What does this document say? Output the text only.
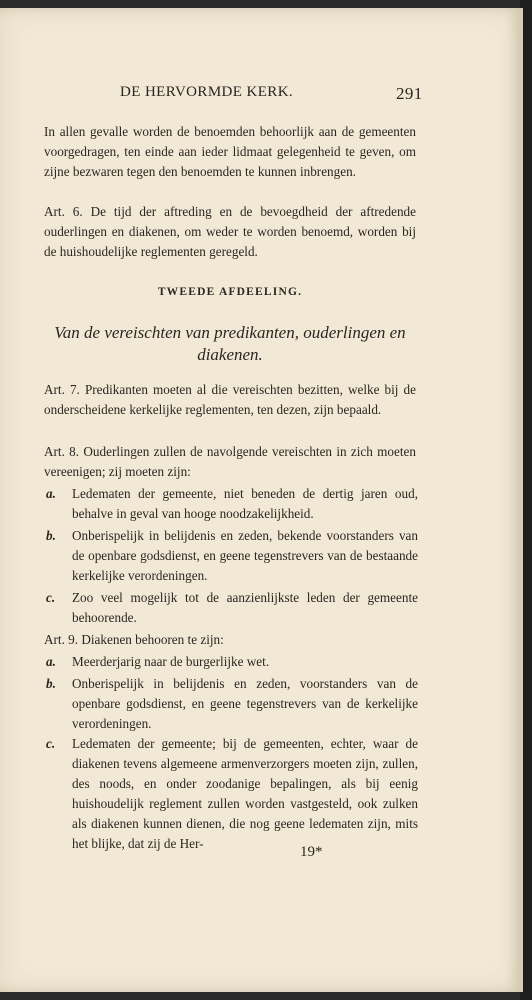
DE HERVORMDE KERK.	291

In allen gevalle worden de benoemden behoorlijk aan de gemeenten voorgedragen, ten einde aan ieder lidmaat gelegenheid te geven, om zijne bezwaren tegen den benoemden te kunnen inbrengen.

Art. 6. De tijd der aftreding en de bevoegdheid der aftredende ouderlingen en diakenen, om weder te worden benoemd, worden bij de huishoudelijke reglementen geregeld.

TWEEDE AFDEELING.
Van de vereischten van predikanten, ouderlingen en diakenen.

Art. 7. Predikanten moeten al die vereischten bezitten, welke bij de onderscheidene kerkelijke reglementen, ten dezen, zijn bepaald.

Art. 8. Ouderlingen zullen de navolgende vereischten in zich moeten vereenigen; zij moeten zijn:

a. Ledematen der gemeente, niet beneden de dertig jaren oud, behalve in geval van hooge noodzakelijkheid.
b. Onberispelijk in belijdenis en zeden, bekende voorstanders van de openbare godsdienst, en geene tegenstrevers van de bestaande kerkelijke verordeningen.
c. Zoo veel mogelijk tot de aanzienlijkste leden der gemeente behoorende.

Art. 9. Diakenen behooren te zijn:

a. Meerderjarig naar de burgerlijke wet.
b. Onberispelijk in belijdenis en zeden, voorstanders van de openbare godsdienst, en geene tegenstrevers van de kerkelijke verordeningen.
c. Ledematen der gemeente; bij de gemeenten, echter, waar de diakenen tevens algemeene armenverzorgers moeten zijn, zullen, des noods, en onder zoodanige bepalingen, als bij eenig huishoudelijk reglement zullen worden vastgesteld, ook zulken als diakenen kunnen dienen, die nog geene ledematen zijn, mits het blijke, dat zij de Her-
19*
